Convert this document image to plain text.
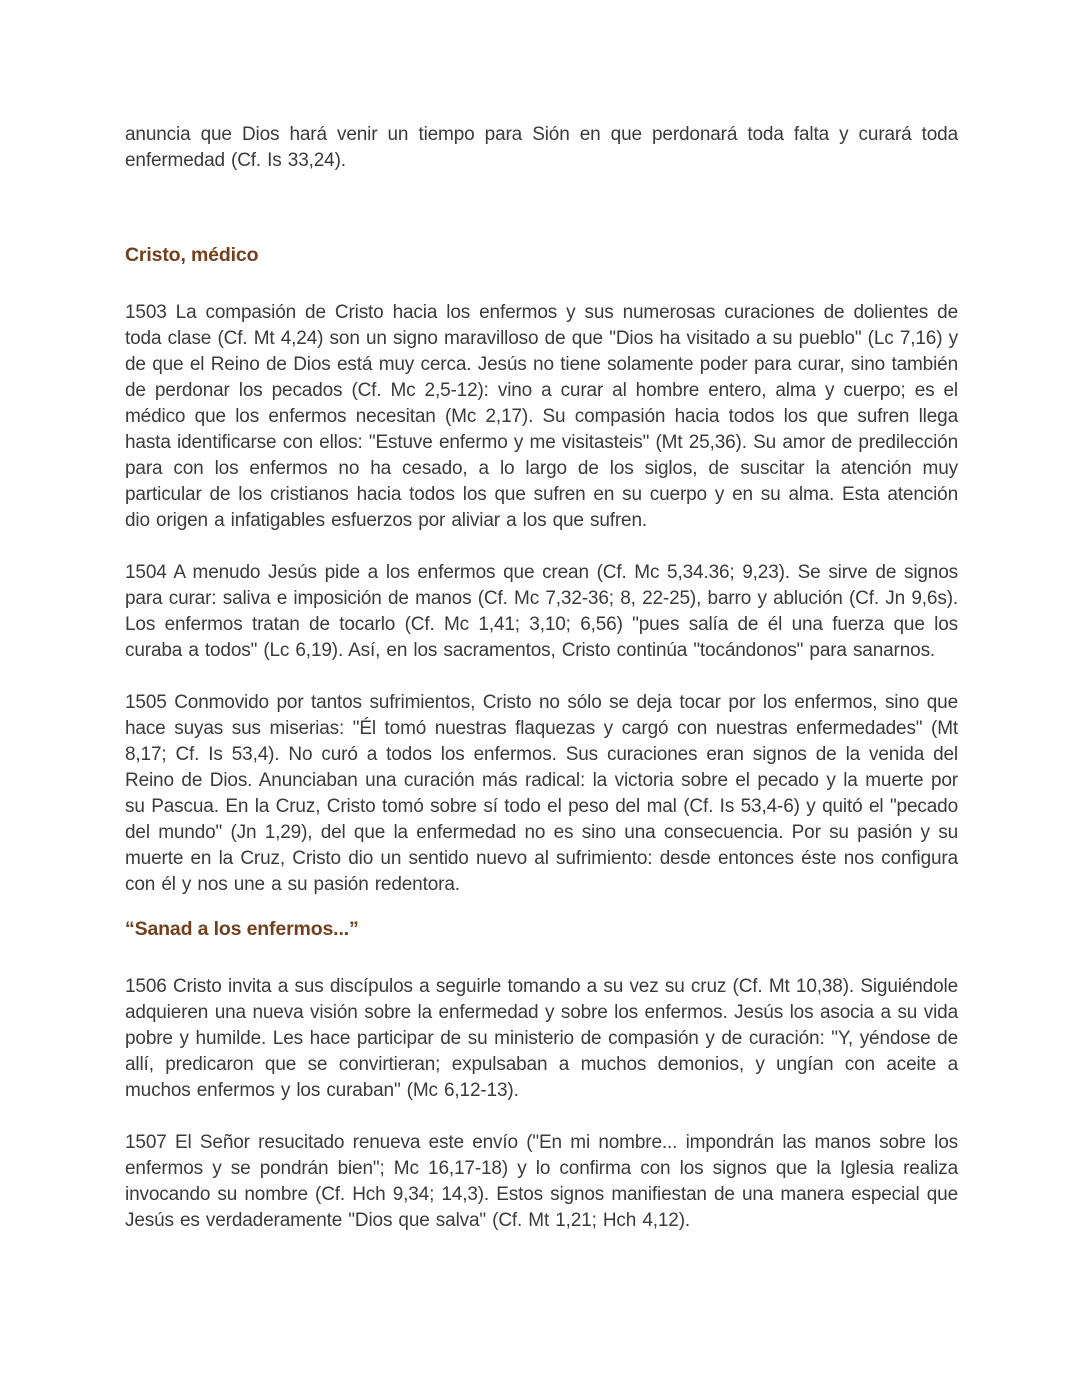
anuncia que Dios hará venir un tiempo para Sión en que perdonará toda falta y curará toda enfermedad (Cf. Is 33,24).

Cristo, médico

1503 La compasión de Cristo hacia los enfermos y sus numerosas curaciones de dolientes de toda clase (Cf. Mt 4,24) son un signo maravilloso de que "Dios ha visitado a su pueblo" (Lc 7,16) y de que el Reino de Dios está muy cerca. Jesús no tiene solamente poder para curar, sino también de perdonar los pecados (Cf. Mc 2,5-12): vino a curar al hombre entero, alma y cuerpo; es el médico que los enfermos necesitan (Mc 2,17). Su compasión hacia todos los que sufren llega hasta identificarse con ellos: "Estuve enfermo y me visitasteis" (Mt 25,36). Su amor de predilección para con los enfermos no ha cesado, a lo largo de los siglos, de suscitar la atención muy particular de los cristianos hacia todos los que sufren en su cuerpo y en su alma. Esta atención dio origen a infatigables esfuerzos por aliviar a los que sufren.

1504 A menudo Jesús pide a los enfermos que crean (Cf. Mc 5,34.36; 9,23). Se sirve de signos para curar: saliva e imposición de manos (Cf. Mc 7,32-36; 8, 22-25), barro y ablución (Cf. Jn 9,6s). Los enfermos tratan de tocarlo (Cf. Mc 1,41; 3,10; 6,56) "pues salía de él una fuerza que los curaba a todos" (Lc 6,19). Así, en los sacramentos, Cristo continúa "tocándonos" para sanarnos.

1505 Conmovido por tantos sufrimientos, Cristo no sólo se deja tocar por los enfermos, sino que hace suyas sus miserias: "Él tomó nuestras flaquezas y cargó con nuestras enfermedades" (Mt 8,17; Cf. Is 53,4). No curó a todos los enfermos. Sus curaciones eran signos de la venida del Reino de Dios. Anunciaban una curación más radical: la victoria sobre el pecado y la muerte por su Pascua. En la Cruz, Cristo tomó sobre sí todo el peso del mal (Cf. Is 53,4-6) y quitó el "pecado del mundo" (Jn 1,29), del que la enfermedad no es sino una consecuencia. Por su pasión y su muerte en la Cruz, Cristo dio un sentido nuevo al sufrimiento: desde entonces éste nos configura con él y nos une a su pasión redentora.

“Sanad a los enfermos...”

1506 Cristo invita a sus discípulos a seguirle tomando a su vez su cruz (Cf. Mt 10,38). Siguiéndole adquieren una nueva visión sobre la enfermedad y sobre los enfermos. Jesús los asocia a su vida pobre y humilde. Les hace participar de su ministerio de compasión y de curación: "Y, yéndose de allí, predicaron que se convirtieran; expulsaban a muchos demonios, y ungían con aceite a muchos enfermos y los curaban" (Mc 6,12-13).

1507 El Señor resucitado renueva este envío ("En mi nombre... impondrán las manos sobre los enfermos y se pondrán bien"; Mc 16,17-18) y lo confirma con los signos que la Iglesia realiza invocando su nombre (Cf. Hch 9,34; 14,3). Estos signos manifiestan de una manera especial que Jesús es verdaderamente "Dios que salva" (Cf. Mt 1,21; Hch 4,12).
